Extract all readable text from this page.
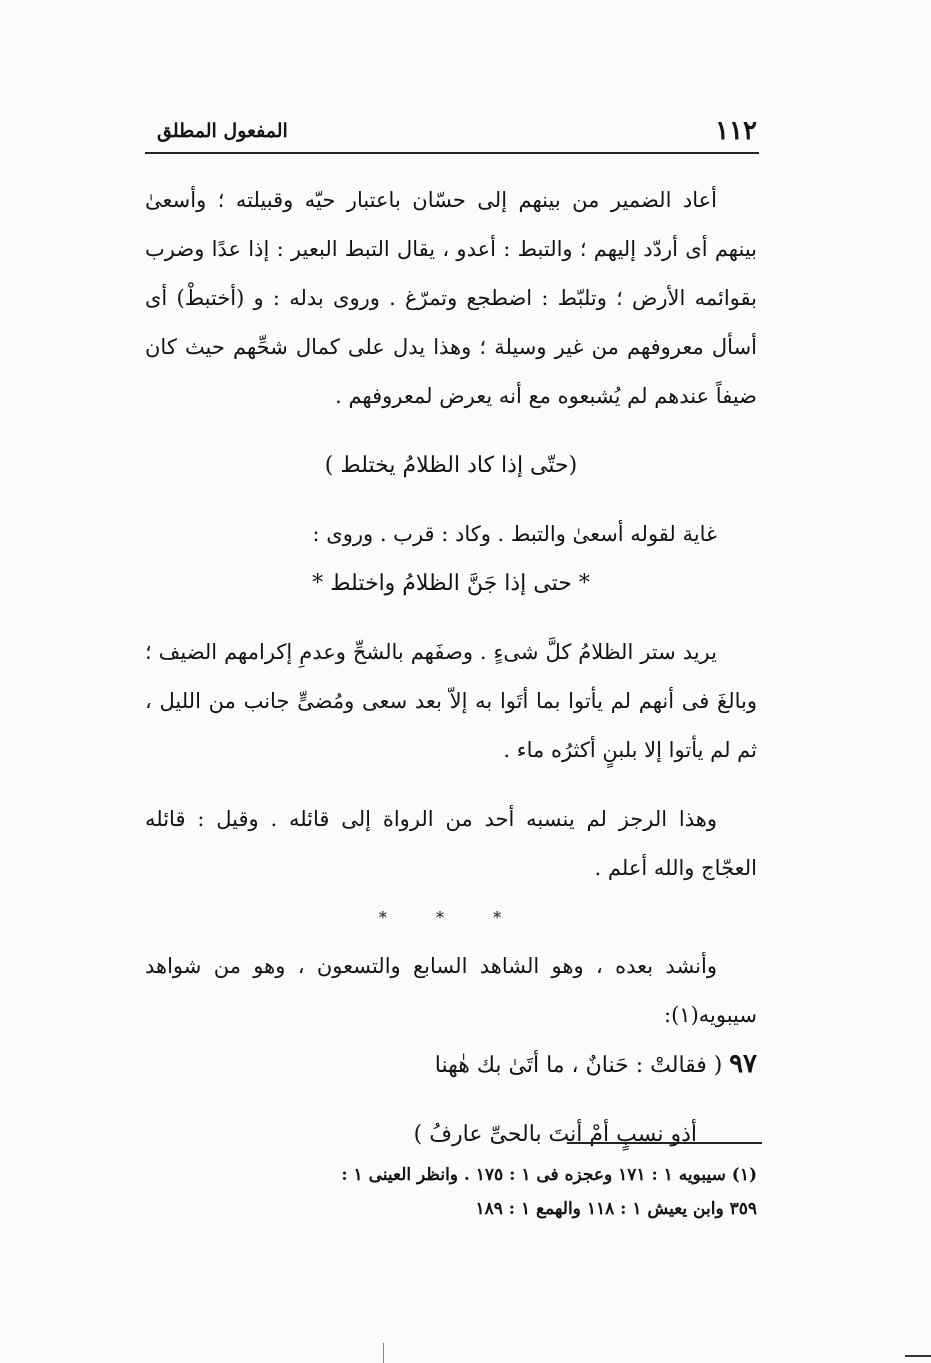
١١٢
المفعول المطلق

أعاد الضمير من بينهم إلى حسّان باعتبار حيّه وقبيلته ؛ وأسعىٰ بينهم أى أردّد إليهم ؛ والتبط : أعدو ، يقال التبط البعير : إذا عدًا وضرب بقوائمه الأرض ؛ وتلبّط : اضطجع وتمرّغ . وروى بدله : و (أختبطْ) أى أسأل معروفهم من غير وسيلة ؛ وهذا يدل على كمال شحِّهم حيث كان ضيفاً عندهم لم يُشبعوه مع أنه يعرض لمعروفهم .

(حتّى إذا كاد الظلامُ يختلط )

غاية لقوله أسعىٰ والتبط . وكاد : قرب . وروى :

* حتى إذا جَنَّ الظلامُ واختلط *

يريد ستر الظلامُ كلَّ شىءٍ . وصفَهم بالشحِّ وعدمِ إكرامهم الضيف ؛ وبالغَ فى أنهم لم يأتوا بما أتَوا به إلاّ بعد سعى ومُضىٍّ جانب من الليل ، ثم لم يأتوا إلا بلبنٍ أكثرُه ماء .

وهذا الرجز لم ينسبه أحد من الرواة إلى قائله . وقيل : قائله العجّاج والله أعلم .

* * *

وأنشد بعده ، وهو الشاهد السابع والتسعون ، وهو من شواهد سيبويه(١):

٩٧ ( فقالتْ : حَنانٌ ، ما أتَىٰ بك هٰهنا

أذو نسبٍ أمْ أنتَ بالحىِّ عارفُ )

(١) سيبويه ١ : ١٧١ وعجزه فى ١ : ١٧٥ . وانظر العينى ١ :

٣٥٩ وابن يعيش ١ : ١١٨ والهمع ١ : ١٨٩
